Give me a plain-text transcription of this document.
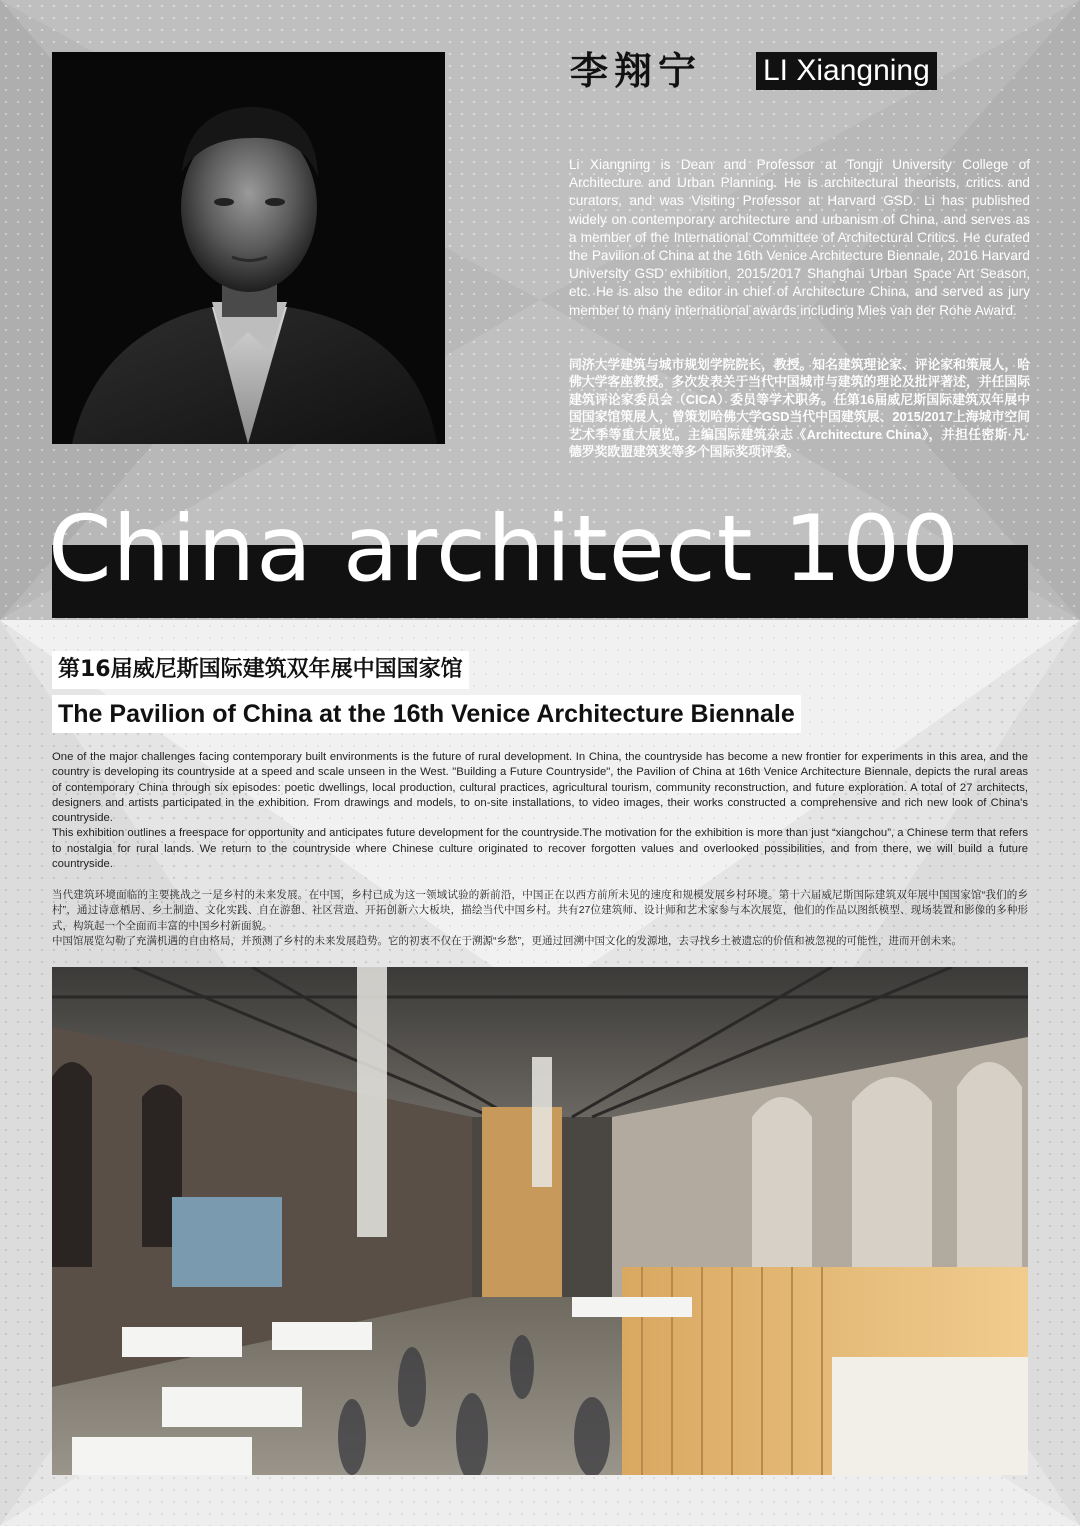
李翔宁 LI Xiangning
Li Xiangning is Dean and Professor at Tongji University College of Architecture and Urban Planning. He is architectural theorists, critics and curators, and was Visiting Professor at Harvard GSD. Li has published widely on contemporary architecture and urbanism of China, and serves as a member of the International Committee of Architectural Critics. He curated the Pavilion of China at the 16th Venice Architecture Biennale, 2016 Harvard University GSD exhibition, 2015/2017 Shanghai Urban Space Art Season, etc. He is also the editor in chief of Architecture China, and served as jury member to many international awards including Mies van der Rohe Award.
同济大学建筑与城市规划学院院长，教授。知名建筑理论家、评论家和策展人，哈佛大学客座教授。多次发表关于当代中国城市与建筑的理论及批评著述，并任国际建筑评论家委员会（CICA）委员等学术职务。任第16届威尼斯国际建筑双年展中国国家馆策展人，曾策划哈佛大学GSD当代中国建筑展、2015/2017上海城市空间艺术季等重大展览。主编国际建筑杂志《Architecture China》，并担任密斯·凡·德罗奖欧盟建筑奖等多个国际奖项评委。
China architect 100
第16届威尼斯国际建筑双年展中国国家馆
The Pavilion of China at the 16th Venice Architecture Biennale

One of the major challenges facing contemporary built environments is the future of rural development. In China, the countryside has become a new frontier for experiments in this area, and the country is developing its countryside at a speed and scale unseen in the West. "Building a Future Countryside", the Pavilion of China at 16th Venice Architecture Biennale, depicts the rural areas of contemporary China through six episodes: poetic dwellings, local production, cultural practices, agricultural tourism, community reconstruction, and future exploration. A total of 27 architects, designers and artists participated in the exhibition. From drawings and models, to on-site installations, to video images, their works constructed a comprehensive and rich new look of China's countryside.

This exhibition outlines a freespace for opportunity and anticipates future development for the countryside.The motivation for the exhibition is more than just “xiangchou”, a Chinese term that refers to nostalgia for rural lands. We return to the countryside where Chinese culture originated to recover forgotten values and overlooked possibilities, and from there, we will build a future countryside.

当代建筑环境面临的主要挑战之一是乡村的未来发展。在中国，乡村已成为这一领域试验的新前沿，中国正在以西方前所未见的速度和规模发展乡村环境。第十六届威尼斯国际建筑双年展中国国家馆“我们的乡村”，通过诗意栖居、乡土制造、文化实践、自在游憩、社区营造、开拓创新六大板块，描绘当代中国乡村。共有27位建筑师、设计师和艺术家参与本次展览，他们的作品以图纸模型、现场装置和影像的多种形式，构筑起一个全面而丰富的中国乡村新面貌。

中国馆展览勾勒了充满机遇的自由格局，并预测了乡村的未来发展趋势。它的初衷不仅在于溯源“乡愁”，更通过回溯中国文化的发源地，去寻找乡土被遗忘的价值和被忽视的可能性，进而开创未来。
